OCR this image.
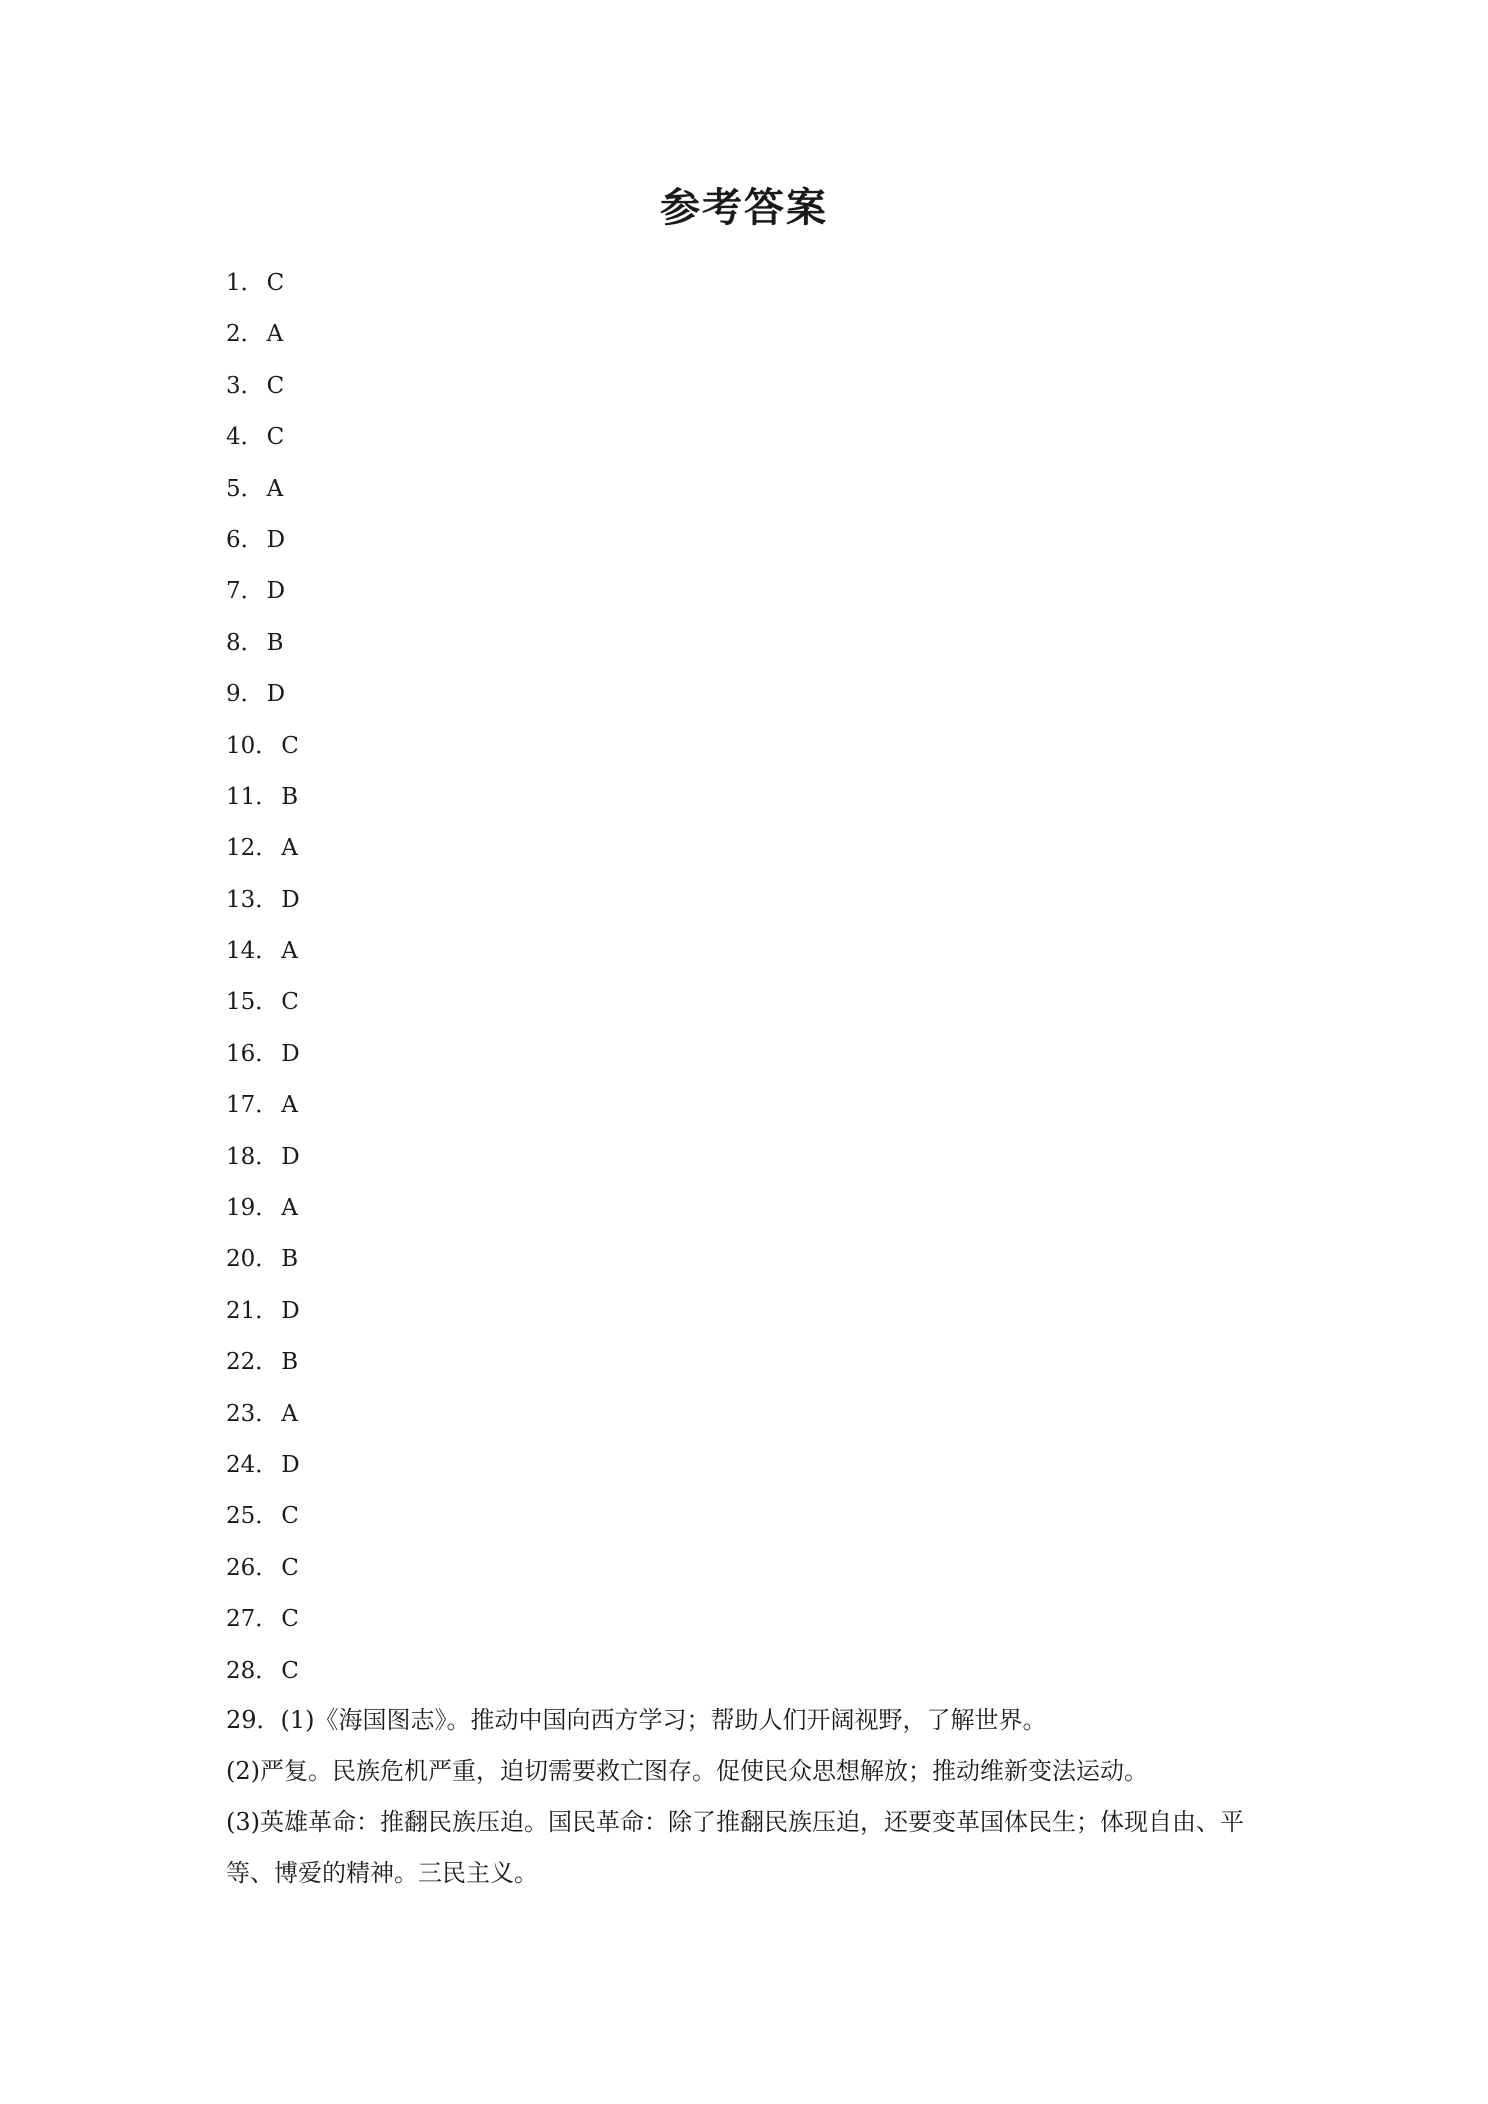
参考答案
1． C
2． A
3． C
4． C
5． A
6． D
7． D
8． B
9． D
10． C
11． B
12． A
13． D
14． A
15． C
16． D
17． A
18． D
19． A
20． B
21． D
22． B
23． A
24． D
25． C
26． C
27． C
28． C

29．(1)《海国图志》。推动中国向西方学习；帮助人们开阔视野，了解世界。

(2)严复。民族危机严重，迫切需要救亡图存。促使民众思想解放；推动维新变法运动。

(3)英雄革命：推翻民族压迫。国民革命：除了推翻民族压迫，还要变革国体民生；体现自由、平等、博爱的精神。三民主义。
